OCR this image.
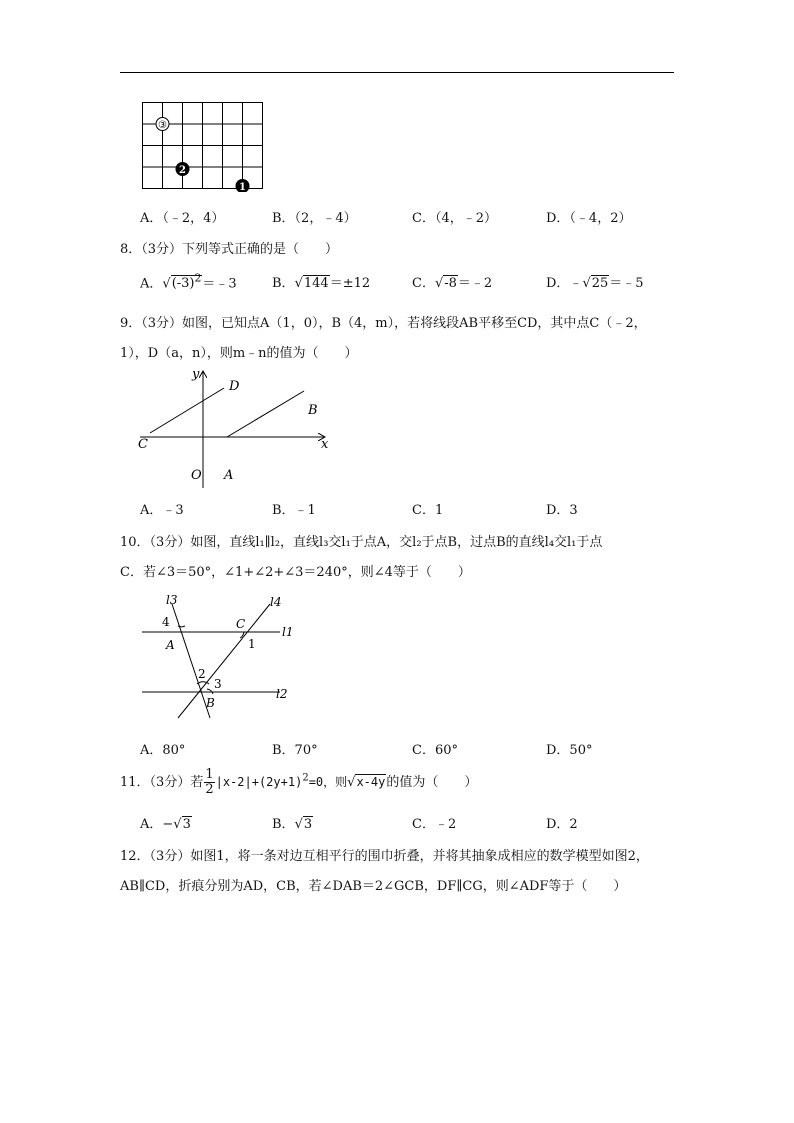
③
2
1
A．（﹣2，4）	B．（2，﹣4）	C．（4，﹣2）	D．（﹣4，2）
8．（3分）下列等式正确的是（　　）
A．$√(-3)^2=﹣3$	B．√144＝±12	C．√-8＝﹣2	D．﹣√25＝﹣5
9．（3分）如图，已知点A（1，0），B（4，m），若将线段AB平移至CD，其中点C（﹣2，
1），D（a，n），则m﹣n的值为（　　）
y
x
D
B
C
O A
A．﹣3	B．﹣1	C．1	D．3
10．（3分）如图，直线l₁∥l₂，直线l₃交l₁于点A，交l₂于点B，过点B的直线l₄交l₁于点
C．若∠3＝50°，∠1+∠2+∠3＝240°，则∠4等于（　　）
l3	l4
l1
l2
4
A
C
1
2
3
B
A．80°	B．70°	C．60°	D．50°
11．（3分）若 $\frac{1}{2} |x-2|+(2y+1)^2=0$，则√x-4y的值为（　　）
A．−√3	B．√3	C．﹣2	D．2
12．（3分）如图1，将一条对边互相平行的围巾折叠，并将其抽象成相应的数学模型如图2，
AB∥CD，折痕分别为AD，CB，若∠DAB＝2∠GCB，DF∥CG，则∠ADF等于（　　）
